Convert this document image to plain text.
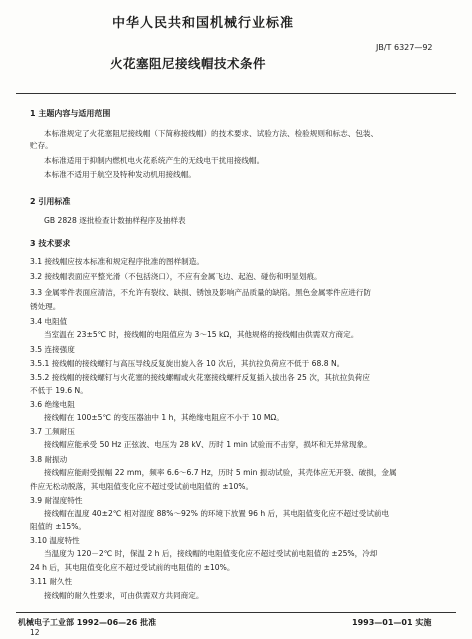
中华人民共和国机械行业标准
JB/T 6327—92
火花塞阻尼接线帽技术条件
1 主题内容与适用范围
本标准规定了火花塞阻尼接线帽（下简称接线帽）的技术要求、试验方法、检验规则和标志、包装、
贮存。
本标准适用于抑制内燃机电火花系统产生的无线电干扰用接线帽。
本标准不适用于航空及特种发动机用接线帽。
2 引用标准
GB 2828 逐批检查计数抽样程序及抽样表
3 技术要求
3.1 接线帽应按本标准和规定程序批准的图样制造。
3.2 接线帽表面应平整光滑（不包括浇口），不应有金属飞边、起泡、碰伤和明显划痕。
3.3 金属零件表面应清洁，不允许有裂纹、缺损、锈蚀及影响产品质量的缺陷。黑色金属零件应进行防
锈处理。
3.4 电阻值
当室温在 23±5℃ 时，接线帽的电阻值应为 3～15 kΩ，其他规格的接线帽由供需双方商定。
3.5 连接强度
3.5.1 接线帽的接线螺钉与高压导线反复旋出旋入各 10 次后，其抗拉负荷应不低于 68.8 N。
3.5.2 接线帽的接线螺钉与火花塞的接线螺帽或火花塞接线螺杆反复插入拔出各 25 次，其抗拉负荷应
不低于 19.6 N。
3.6 绝缘电阻
接线帽在 100±5℃ 的变压器油中 1 h，其绝缘电阻应不小于 10 MΩ。
3.7 工频耐压
接线帽应能承受 50 Hz 正弦波、电压为 28 kV、历时 1 min 试验而不击穿，损坏和无异常现象。
3.8 耐振动
接线帽应能耐受振幅 22 mm，频率 6.6～6.7 Hz，历时 5 min 振动试验，其壳体应无开裂、破损，金属
件应无松动脱落，其电阻值变化应不超过受试前电阻值的 ±10%。
3.9 耐湿度特性
接线帽在温度 40±2℃ 相对湿度 88%～92% 的环境下放置 96 h 后，其电阻值变化应不超过受试前电
阻值的 ±15%。
3.10 温度特性
当温度为 120－2℃ 时，保温 2 h 后，接线帽的电阻值变化应不超过受试前电阻值的 ±25%，冷却
24 h 后，其电阻值变化应不超过受试前的电阻值的 ±10%。
3.11 耐久性
接线帽的耐久性要求，可由供需双方共同商定。
机械电子工业部 1992—06—26 批准	1993—01—01 实施
12
